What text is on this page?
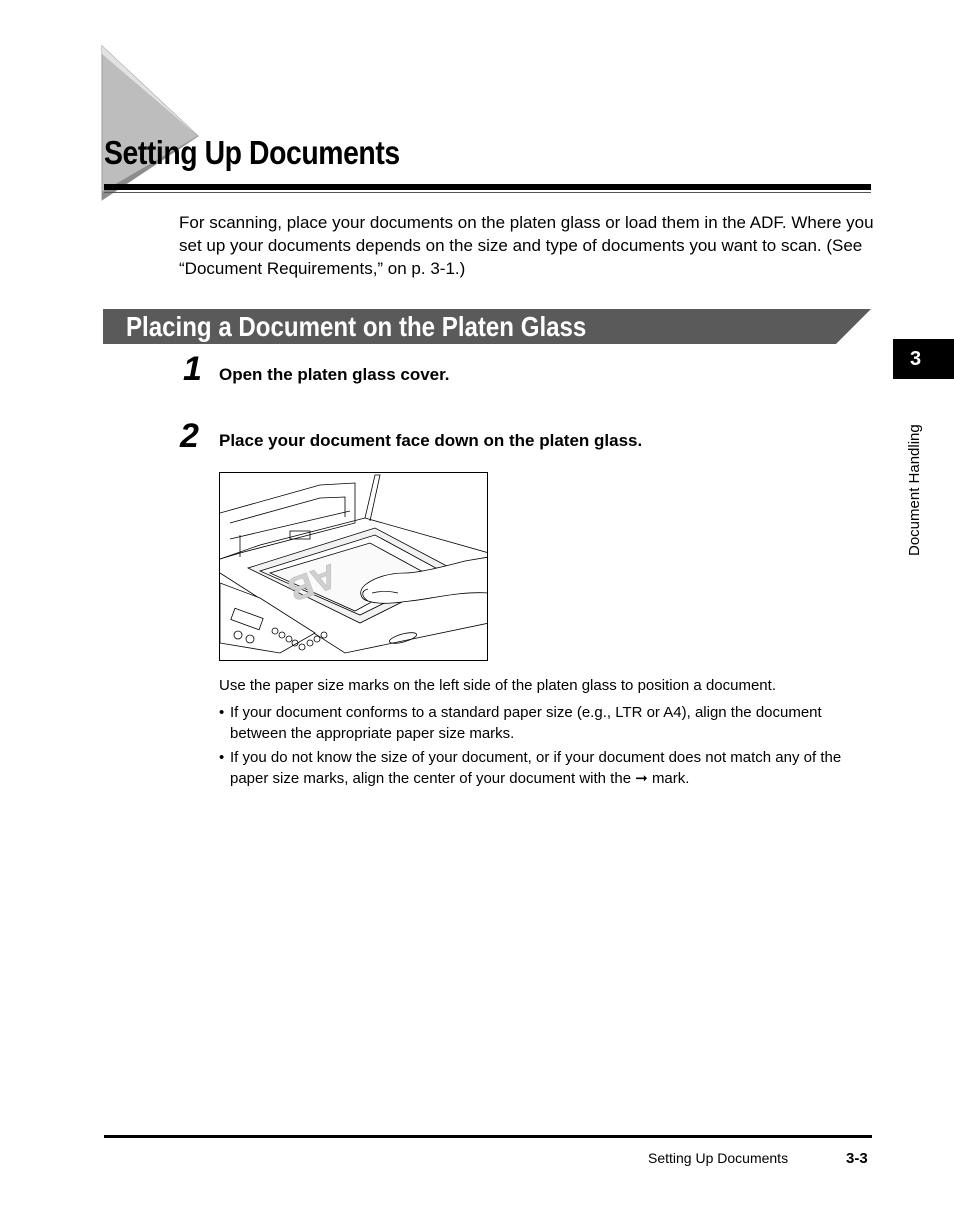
Setting Up Documents

For scanning, place your documents on the platen glass or load them in the ADF. Where you set up your documents depends on the size and type of documents you want to scan. (See “Document Requirements,” on p. 3-1.)

Placing a Document on the Platen Glass
1 Open the platen glass cover.

2 Place your document face down on the platen glass.

AB

Use the paper size marks on the left side of the platen glass to position a document.

• If your document conforms to a standard paper size (e.g., LTR or A4), align the document between the appropriate paper size marks.
• If you do not know the size of your document, or if your document does not match any of the paper size marks, align the center of your document with the ➞ mark.
3
Document Handling

Setting Up Documents	3-3
